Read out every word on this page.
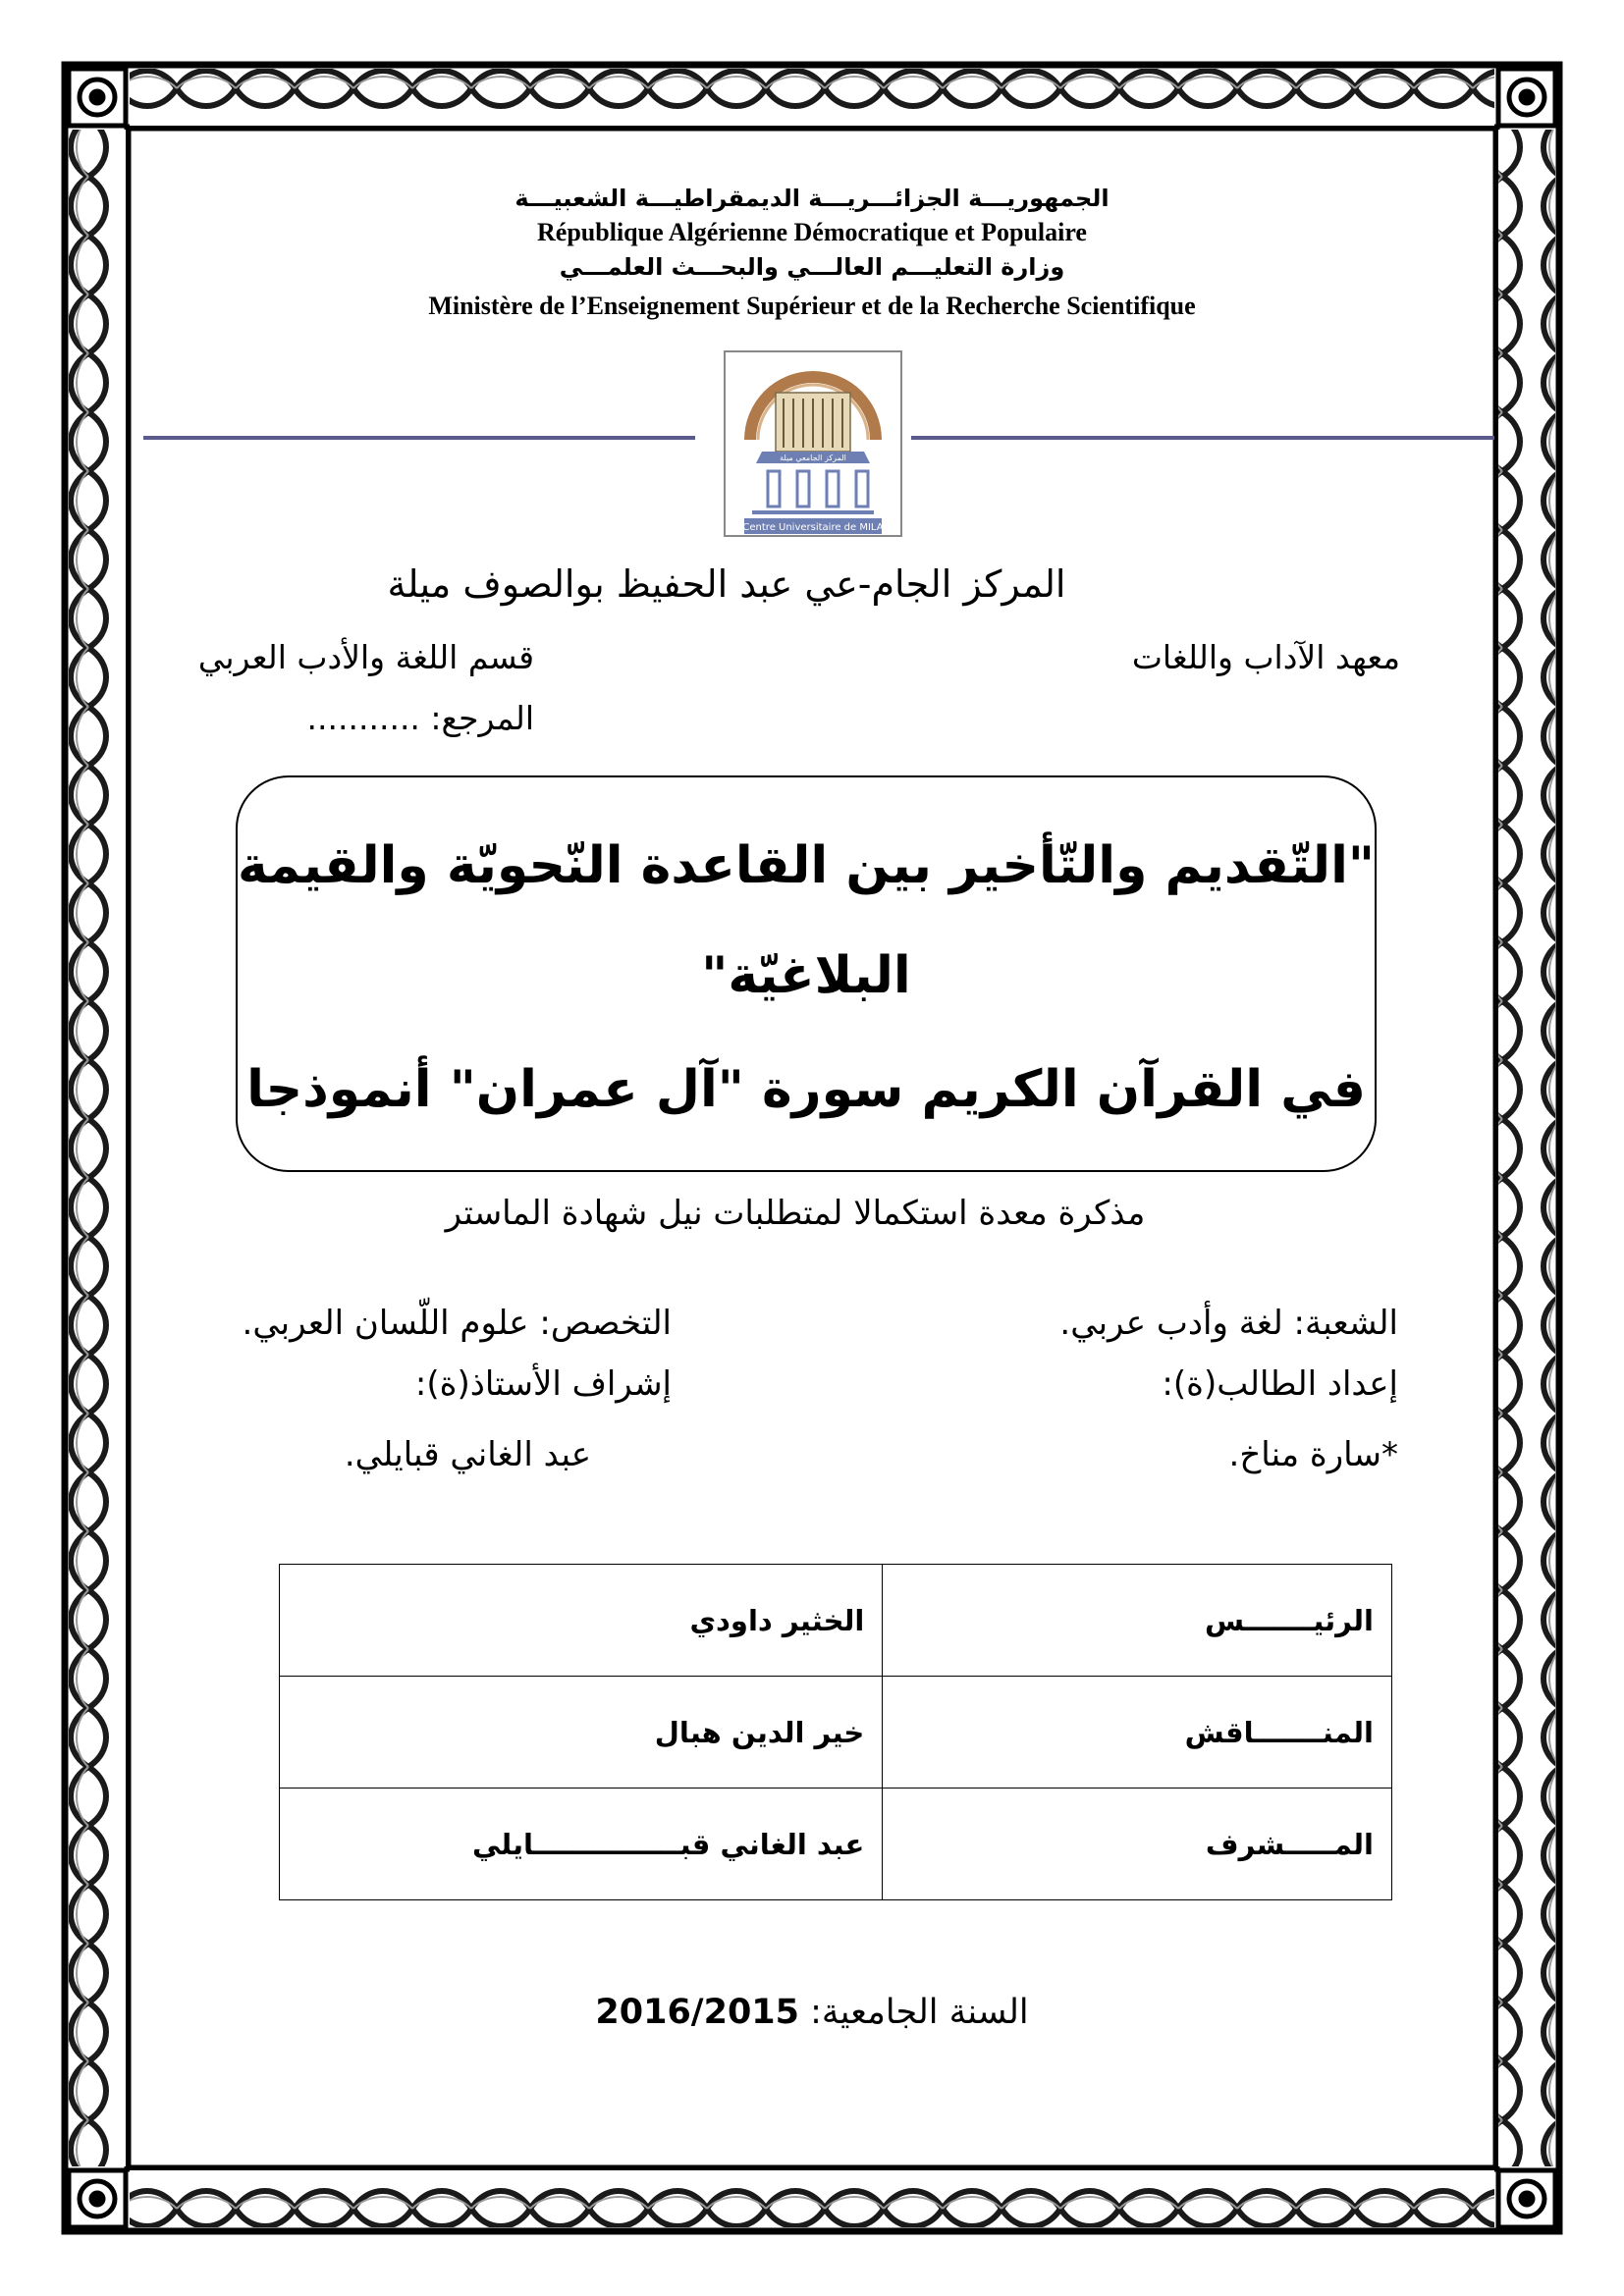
الجمهوريـــة الجزائـــريـــة الديمقراطيـــة الشعبيـــة
République Algérienne Démocratique et Populaire
وزارة التعليـــم العالـــي والبحـــث العلمـــي
Ministère de l’Enseignement Supérieur et de la Recherche Scientifique
المركز الجامعي ميلة
Centre Universitaire de MILA
المركز الجام-عي عبد الحفيظ بوالصوف ميلة
معهد الآداب واللغات
قسم اللغة والأدب العربي
المرجع: ...........
"التّقديم والتّأخير بين القاعدة النّحويّة والقيمة
البلاغيّة"
في القرآن الكريم سورة "آل عمران" أنموذجا
مذكرة معدة استكمالا لمتطلبات نيل شهادة الماستر
الشعبة: لغة وأدب عربي.
التخصص: علوم اللّسان العربي.
إعداد الطالب(ة):
إشراف الأستاذ(ة):
*سارة مناخ.
عبد الغاني قبايلي.
الرئيـــــــس	الخثير داودي
المنـــــــاقش	خير الدين هبال
المـــــشرف	عبد الغاني قبـــــــــــــــايلي
السنة الجامعية: 2016/2015
